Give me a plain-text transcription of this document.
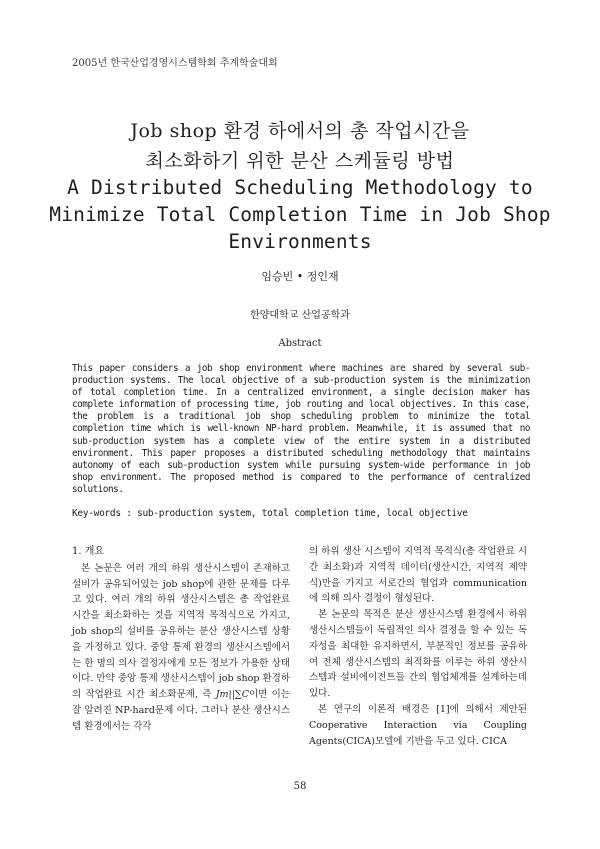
2005년 한국산업경영시스템학회 추계학술대회
Job shop 환경 하에서의 총 작업시간을
최소화하기 위한 분산 스케듈링 방법
A Distributed Scheduling Methodology to
Minimize Total Completion Time in Job Shop
Environments
임승빈 • 정인재
한양대학교 산업공학과
Abstract
This paper considers a job shop environment where machines are shared by several sub-production systems. The local objective of a sub-production system is the minimization of total completion time. In a centralized environment, a single decision maker has complete information of processing time, job routing and local objectives. In this case, the problem is a traditional job shop scheduling problem to minimize the total completion time which is well-known NP-hard problem. Meanwhile, it is assumed that no sub-production system has a complete view of the entire system in a distributed environment. This paper proposes a distributed scheduling methodology that maintains autonomy of each sub-production system while pursuing system-wide performance in job shop environment. The proposed method is compared to the performance of centralized solutions.
Key-words : sub-production system, total completion time, local objective
1. 개요

본 논문은 여러 개의 하위 생산시스템이 존재하고 설비가 공유되어있는 job shop에 관한 문제를 다루고 있다. 여러 개의 하위 생산시스템은 총 작업완료 시간을 최소화하는 것을 지역적 목적식으로 가지고, job shop의 설비를 공유하는 분산 생산시스템 상황을 가정하고 있다. 중앙 통제 환경의 생산시스템에서는 한 명의 의사 결정자에게 모든 정보가 가용한 상태이다. 만약 중앙 통제 생산시스템이 job shop 환경하의 작업완료 시간 최소화문제, 즉 Jm||∑C이면 이는 잘 알려진 NP-hard문제 이다. 그러나 분산 생산시스템 환경에서는 각각

의 하위 생산 시스템이 지역적 목적식(총 작업완료 시간 최소화)과 지역적 데이터(생산시간, 지역적 제약식)만을 가지고 서로간의 협업과 communication에 의해 의사 결정이 형성된다.

본 논문의 목적은 분산 생산시스템 환경에서 하위 생산시스템들이 독립적인 의사 결정을 할 수 있는 독자성을 최대한 유지하면서, 부분적인 정보를 공유하여 전체 생산시스템의 최적화를 이루는 하위 생산시스템과 설비에이전트들 간의 협업체계를 설계하는데 있다.

본 연구의 이론적 배경은 [1]에 의해서 제안된 Cooperative Interaction via Coupling Agents(CICA)모델에 기반을 두고 있다. CICA

58
